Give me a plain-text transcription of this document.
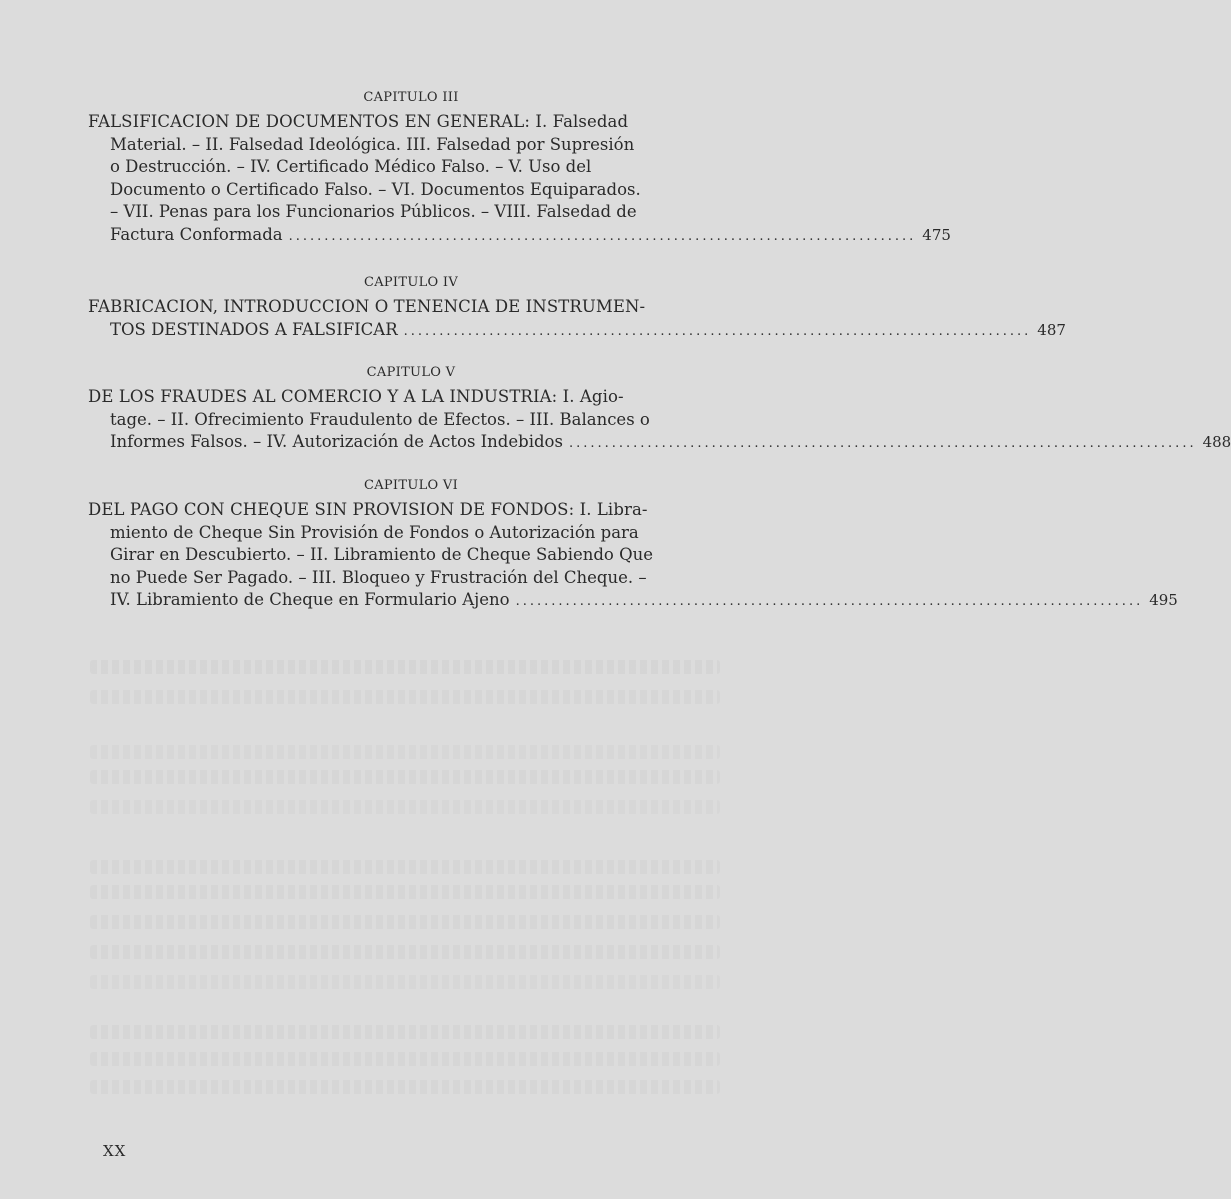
CAPITULO III
FALSIFICACION DE DOCUMENTOS EN GENERAL: I. Falsedad
Material. – II. Falsedad Ideológica. III. Falsedad por Supresión
o Destrucción. – IV. Certificado Médico Falso. – V. Uso del
Documento o Certificado Falso. – VI. Documentos Equiparados.
– VII. Penas para los Funcionarios Públicos. – VIII. Falsedad de
Factura Conformada ........................................................................................ 475
CAPITULO IV
FABRICACION, INTRODUCCION O TENENCIA DE INSTRUMEN-
TOS DESTINADOS A FALSIFICAR ........................................................................................ 487
CAPITULO V
DE LOS FRAUDES AL COMERCIO Y A LA INDUSTRIA: I. Agio-
tage. – II. Ofrecimiento Fraudulento de Efectos. – III. Balances o
Informes Falsos. – IV. Autorización de Actos Indebidos ........................................................................................ 488
CAPITULO VI
DEL PAGO CON CHEQUE SIN PROVISION DE FONDOS: I. Libra-
miento de Cheque Sin Provisión de Fondos o Autorización para
Girar en Descubierto. – II. Libramiento de Cheque Sabiendo Que
no Puede Ser Pagado. – III. Bloqueo y Frustración del Cheque. –
IV. Libramiento de Cheque en Formulario Ajeno ........................................................................................ 495
XX
